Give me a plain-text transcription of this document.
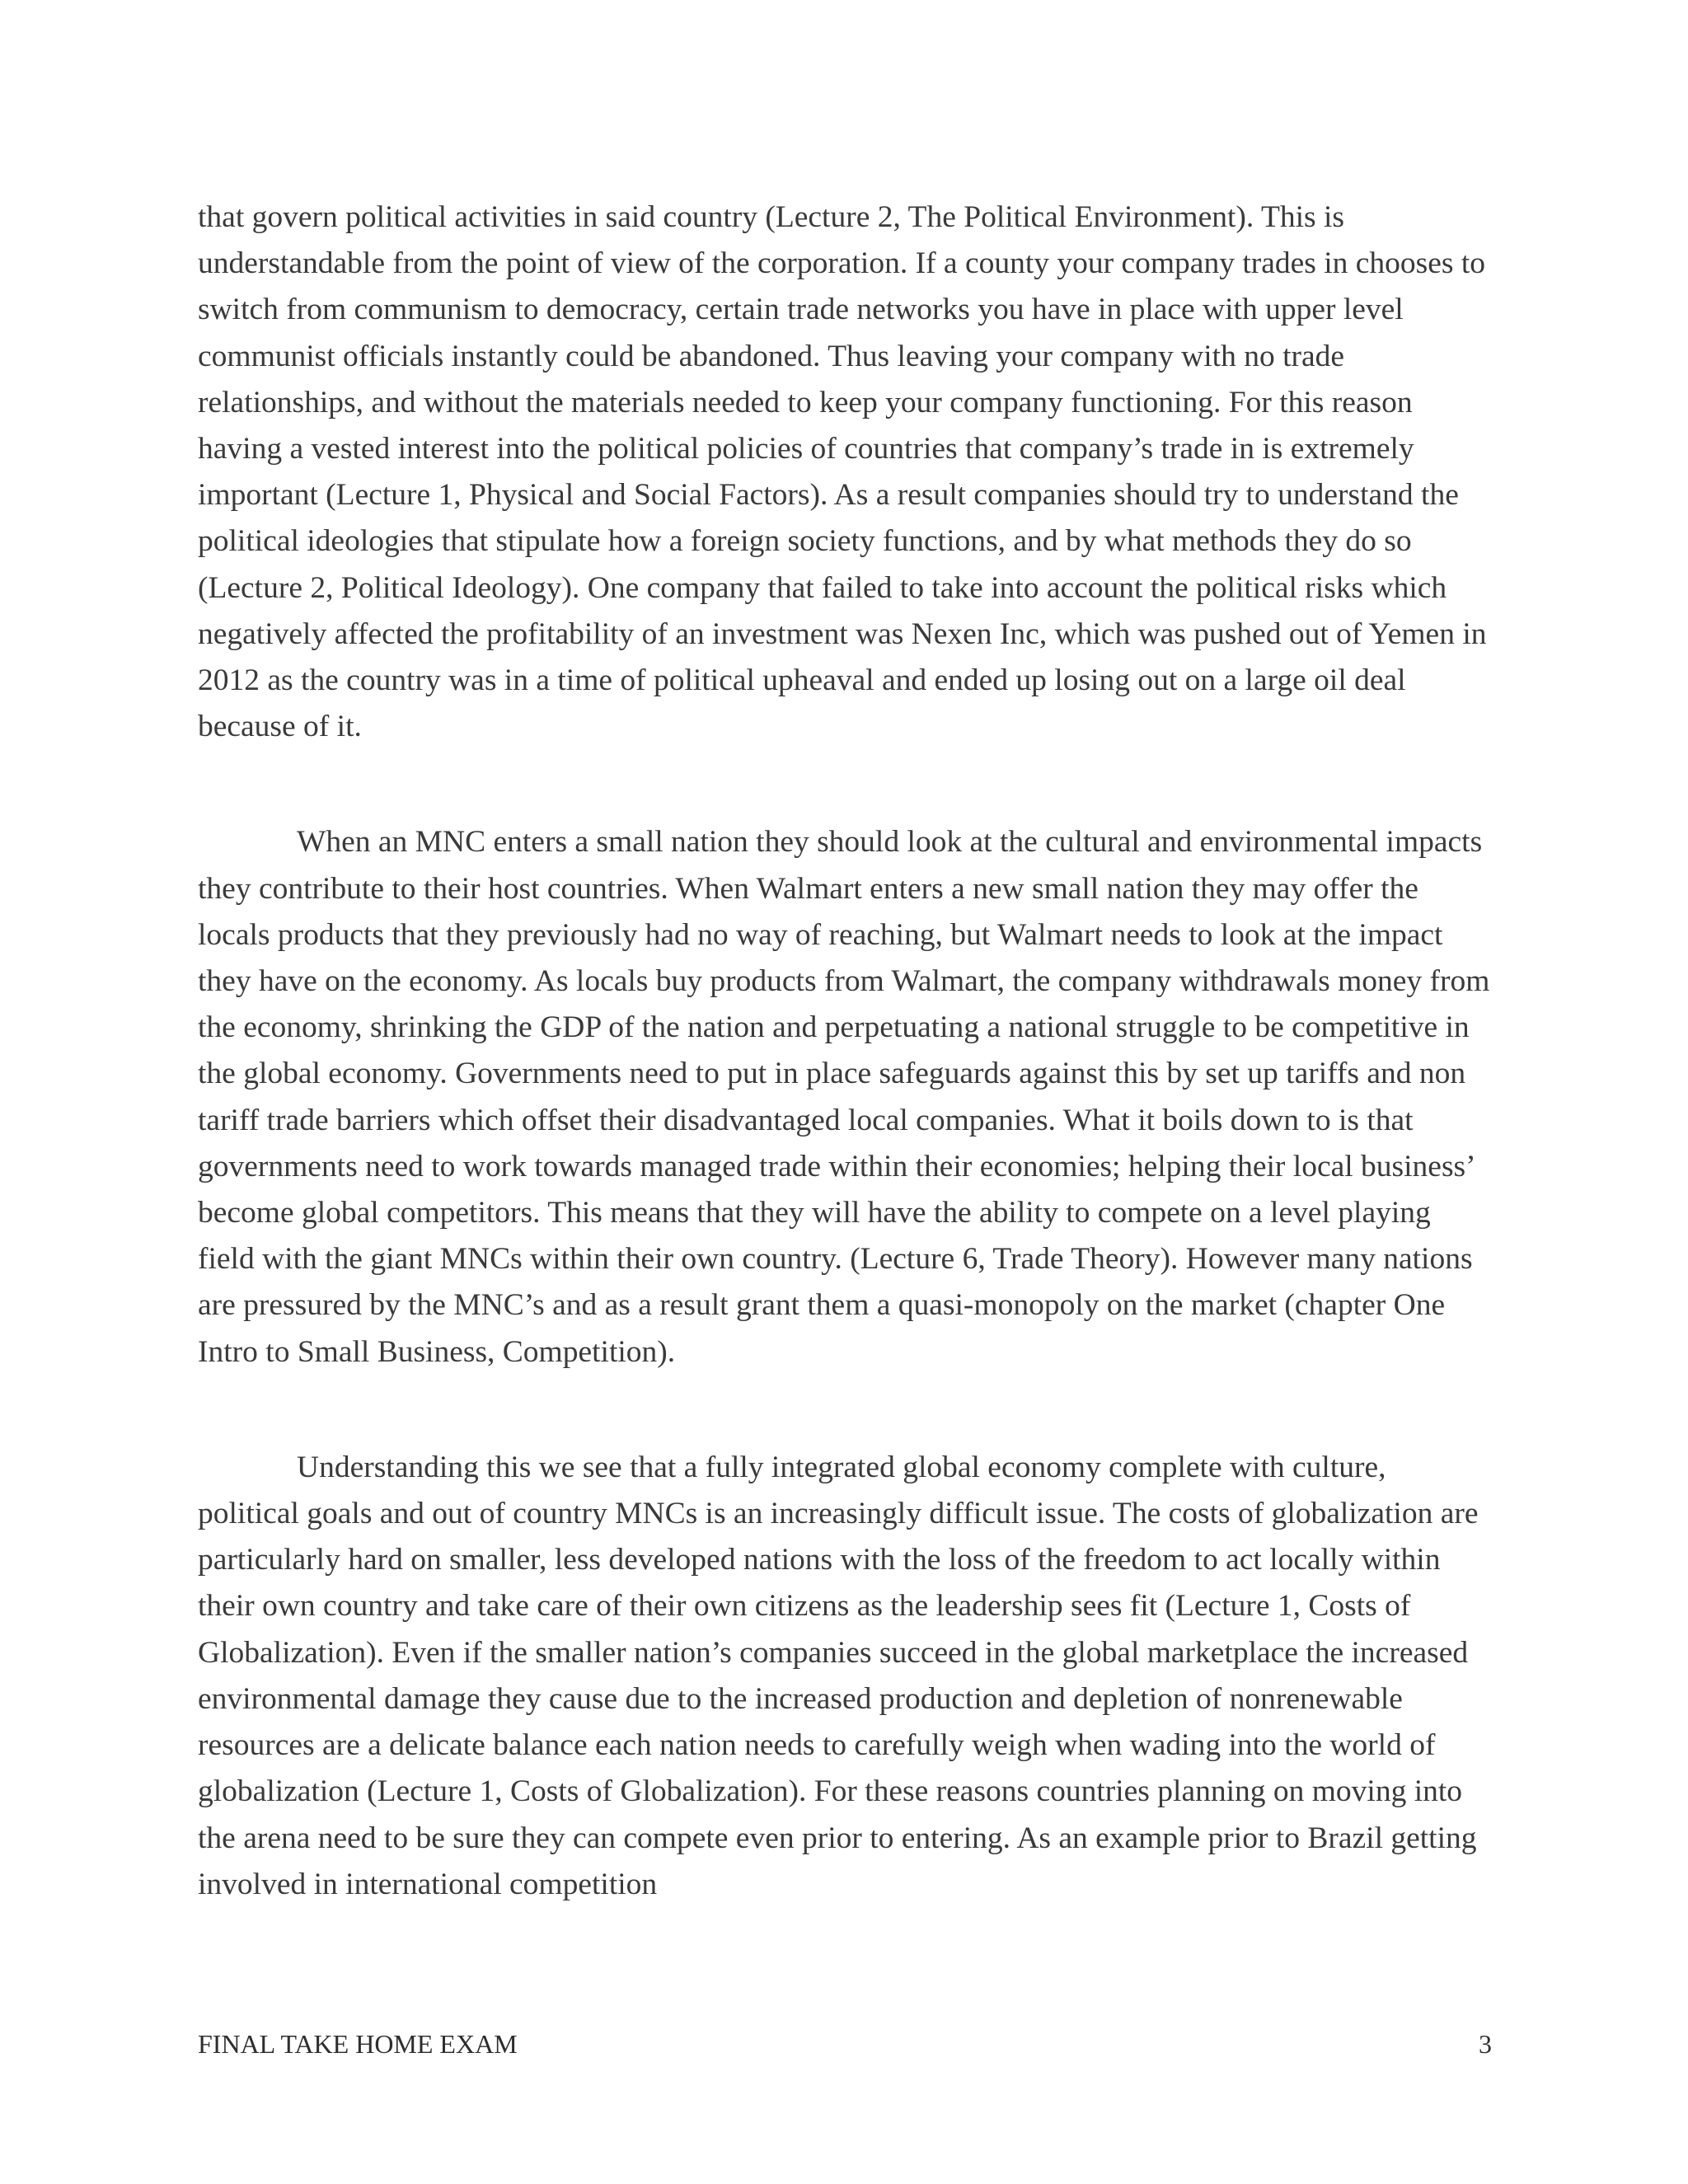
that govern political activities in said country (Lecture 2, The Political Environment). This is understandable from the point of view of the corporation. If a county your company trades in chooses to switch from communism to democracy, certain trade networks you have in place with upper level communist officials instantly could be abandoned. Thus leaving your company with no trade relationships, and without the materials needed to keep your company functioning. For this reason having a vested interest into the political policies of countries that company’s trade in is extremely important (Lecture 1, Physical and Social Factors). As a result companies should try to understand the political ideologies that stipulate how a foreign society functions, and by what methods they do so (Lecture 2, Political Ideology). One company that failed to take into account the political risks which negatively affected the profitability of an investment was Nexen Inc, which was pushed out of Yemen in 2012 as the country was in a time of political upheaval and ended up losing out on a large oil deal because of it.

When an MNC enters a small nation they should look at the cultural and environmental impacts they contribute to their host countries. When Walmart enters a new small nation they may offer the locals products that they previously had no way of reaching, but Walmart needs to look at the impact they have on the economy. As locals buy products from Walmart, the company withdrawals money from the economy, shrinking the GDP of the nation and perpetuating a national struggle to be competitive in the global economy. Governments need to put in place safeguards against this by set up tariffs and non tariff trade barriers which offset their disadvantaged local companies. What it boils down to is that governments need to work towards managed trade within their economies; helping their local business’ become global competitors. This means that they will have the ability to compete on a level playing field with the giant MNCs within their own country. (Lecture 6, Trade Theory). However many nations are pressured by the MNC’s and as a result grant them a quasi-monopoly on the market (chapter One Intro to Small Business, Competition).

Understanding this we see that a fully integrated global economy complete with culture, political goals and out of country MNCs is an increasingly difficult issue. The costs of globalization are particularly hard on smaller, less developed nations with the loss of the freedom to act locally within their own country and take care of their own citizens as the leadership sees fit (Lecture 1, Costs of Globalization). Even if the smaller nation’s companies succeed in the global marketplace the increased environmental damage they cause due to the increased production and depletion of nonrenewable resources are a delicate balance each nation needs to carefully weigh when wading into the world of globalization (Lecture 1, Costs of Globalization). For these reasons countries planning on moving into the arena need to be sure they can compete even prior to entering. As an example prior to Brazil getting involved in international competition

FINAL TAKE HOME EXAM	3
